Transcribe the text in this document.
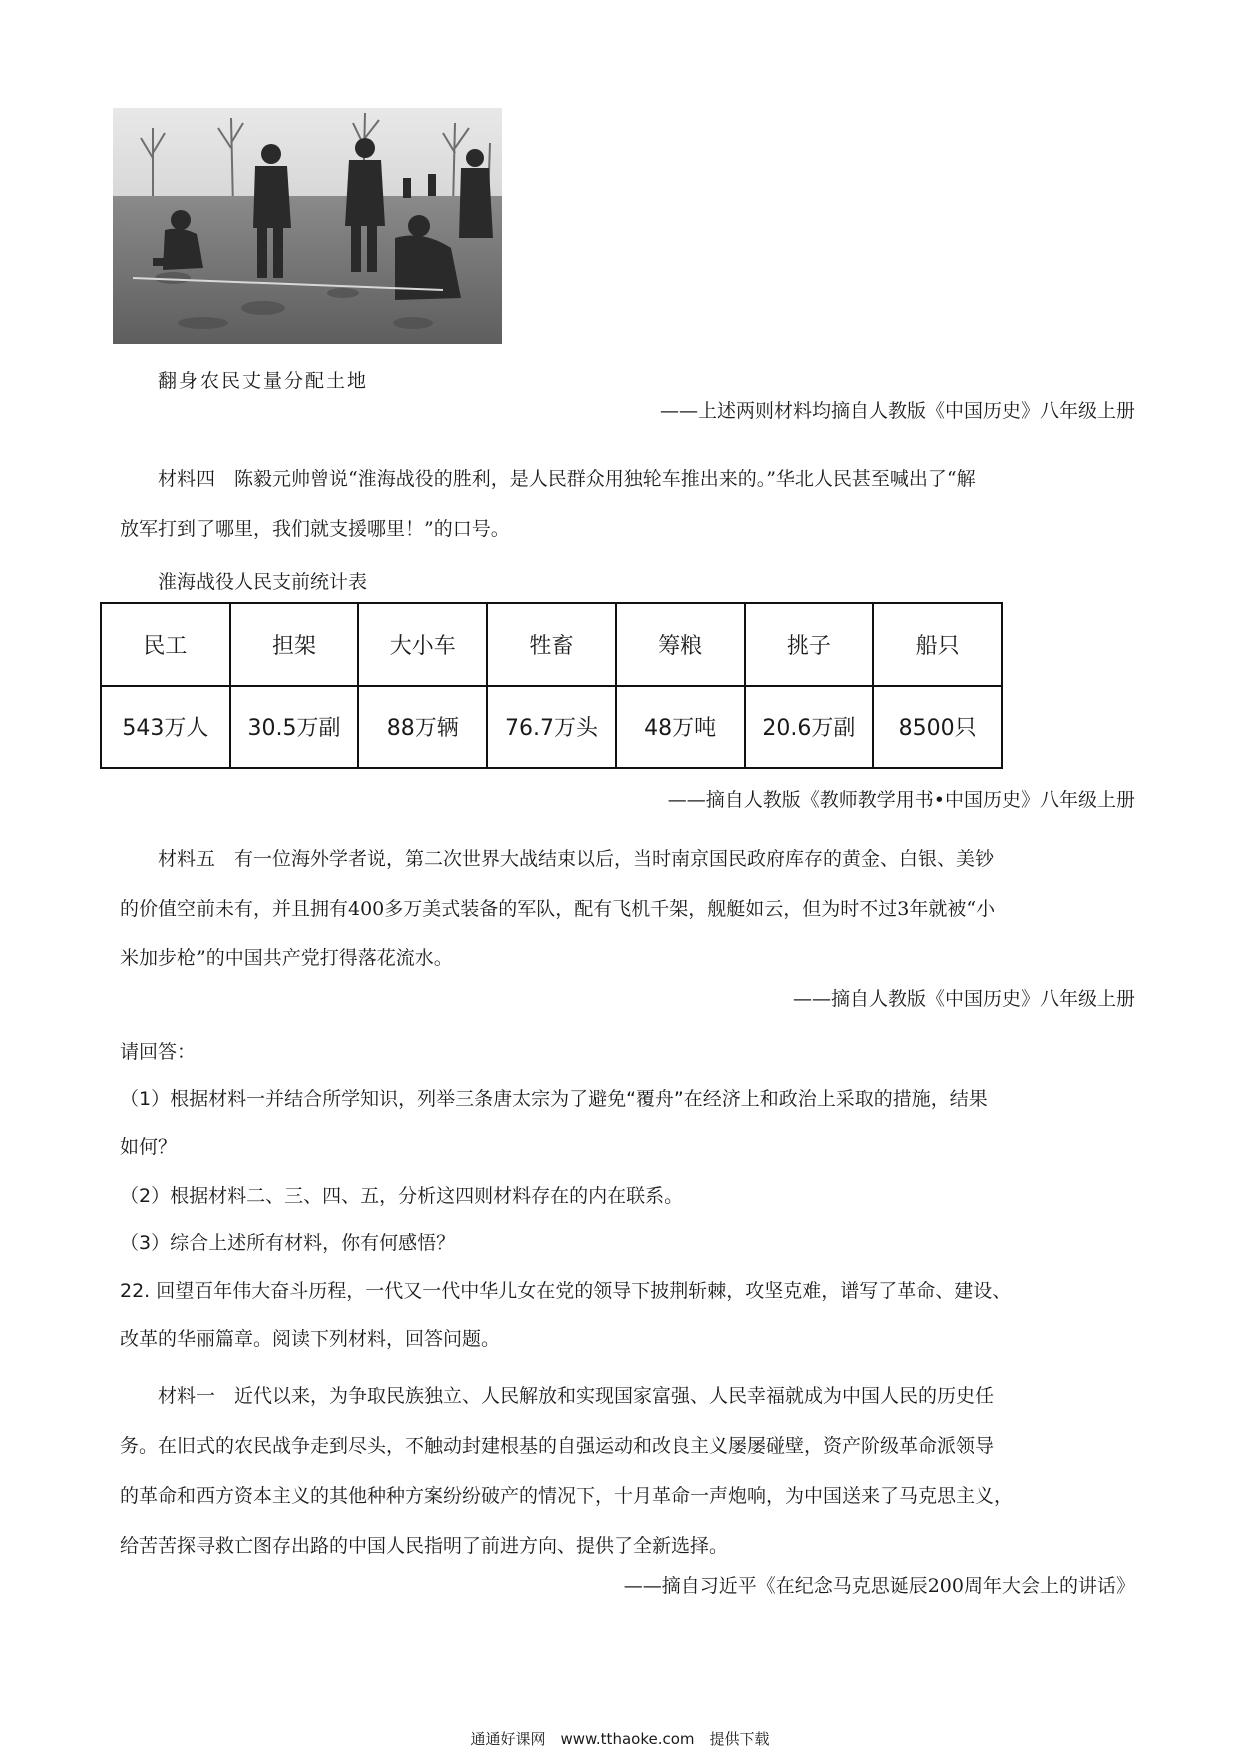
翻身农民丈量分配土地
——上述两则材料均摘自人教版《中国历史》八年级上册
材料四　陈毅元帅曾说“淮海战役的胜利，是人民群众用独轮车推出来的。”华北人民甚至喊出了“解
放军打到了哪里，我们就支援哪里！”的口号。
淮海战役人民支前统计表
民工	担架	大小车	牲畜	筹粮	挑子	船只
543万人	30.5万副	88万辆	76.7万头	48万吨	20.6万副	8500只
——摘自人教版《教师教学用书•中国历史》八年级上册
材料五　有一位海外学者说，第二次世界大战结束以后，当时南京国民政府库存的黄金、白银、美钞
的价值空前未有，并且拥有400多万美式装备的军队，配有飞机千架，舰艇如云，但为时不过3年就被“小
米加步枪”的中国共产党打得落花流水。
——摘自人教版《中国历史》八年级上册
请回答：
（1）根据材料一并结合所学知识，列举三条唐太宗为了避免“覆舟”在经济上和政治上采取的措施，结果
如何？
（2）根据材料二、三、四、五，分析这四则材料存在的内在联系。
（3）综合上述所有材料，你有何感悟？
22. 回望百年伟大奋斗历程，一代又一代中华儿女在党的领导下披荆斩棘，攻坚克难，谱写了革命、建设、
改革的华丽篇章。阅读下列材料，回答问题。
材料一　近代以来，为争取民族独立、人民解放和实现国家富强、人民幸福就成为中国人民的历史任
务。在旧式的农民战争走到尽头，不触动封建根基的自强运动和改良主义屡屡碰壁，资产阶级革命派领导
的革命和西方资本主义的其他种种方案纷纷破产的情况下，十月革命一声炮响，为中国送来了马克思主义，
给苦苦探寻救亡图存出路的中国人民指明了前进方向、提供了全新选择。
——摘自习近平《在纪念马克思诞辰200周年大会上的讲话》
通通好课网　www.tthaoke.com　提供下载
